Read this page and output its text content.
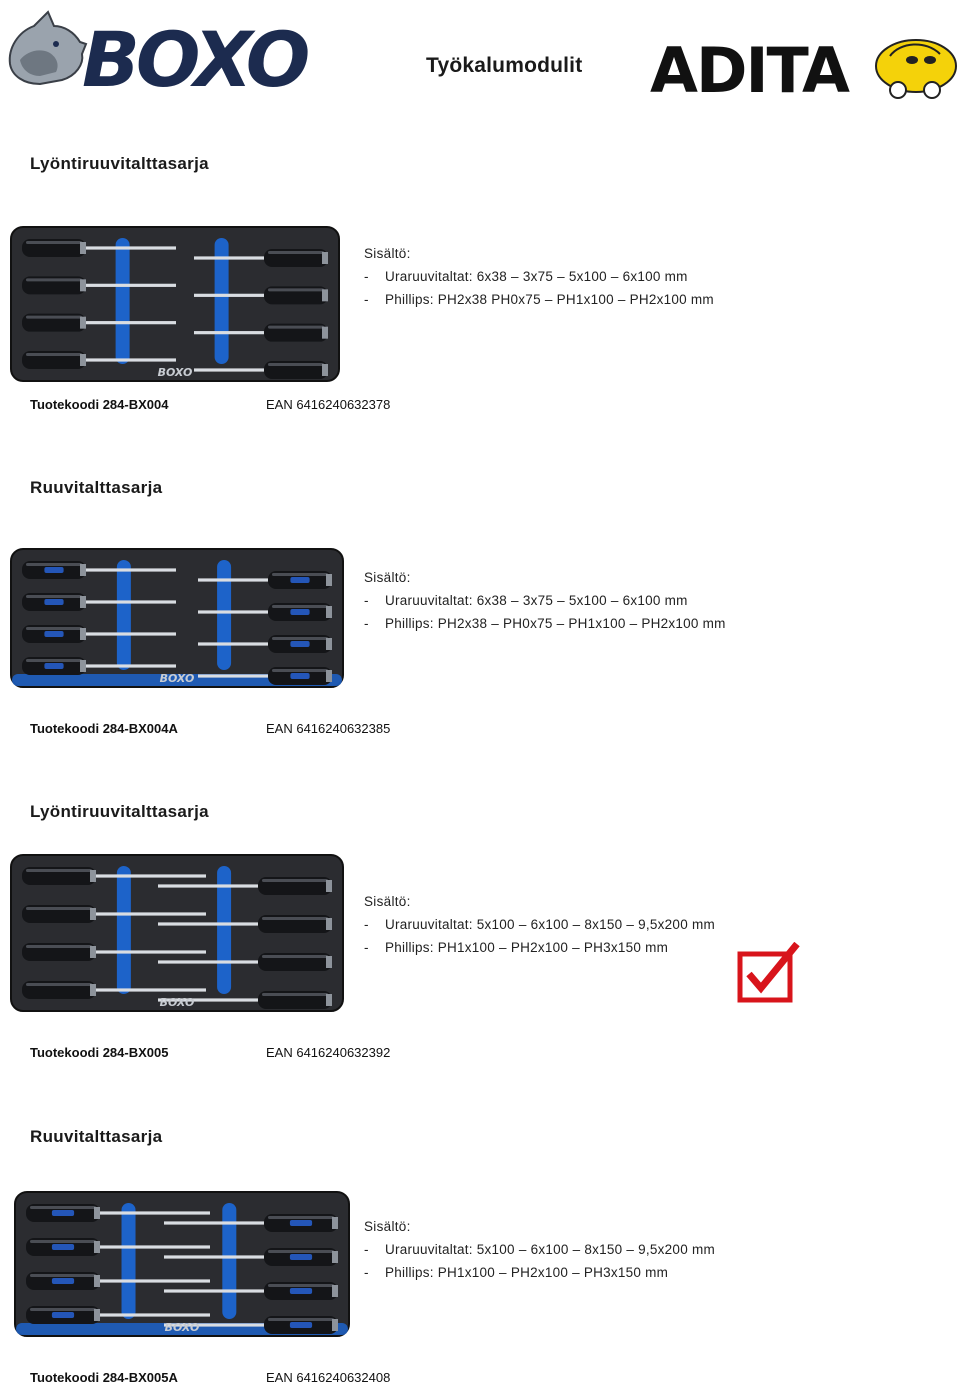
BOXO	Työkalumodulit ADITA
Lyöntiruuvitalttasarja
BOXO
Sisältö:
- Uraruuvitaltat: 6x38 – 3x75 – 5x100 – 6x100 mm
- Phillips: PH2x38 PH0x75 – PH1x100 – PH2x100 mm
Tuotekoodi 284-BX004	EAN 6416240632378
Ruuvitalttasarja
BOXO
Sisältö:
- Uraruuvitaltat: 6x38 – 3x75 – 5x100 – 6x100 mm
- Phillips: PH2x38 – PH0x75 – PH1x100 – PH2x100 mm
Tuotekoodi 284-BX004A	EAN 6416240632385
Lyöntiruuvitalttasarja
BOXO
Sisältö:
- Uraruuvitaltat: 5x100 – 6x100 – 8x150 – 9,5x200 mm
- Phillips: PH1x100 – PH2x100 – PH3x150 mm
Tuotekoodi 284-BX005	EAN 6416240632392
Ruuvitalttasarja
BOXO
Sisältö:
- Uraruuvitaltat: 5x100 – 6x100 – 8x150 – 9,5x200 mm
- Phillips: PH1x100 – PH2x100 – PH3x150 mm
Tuotekoodi 284-BX005A	EAN 6416240632408
